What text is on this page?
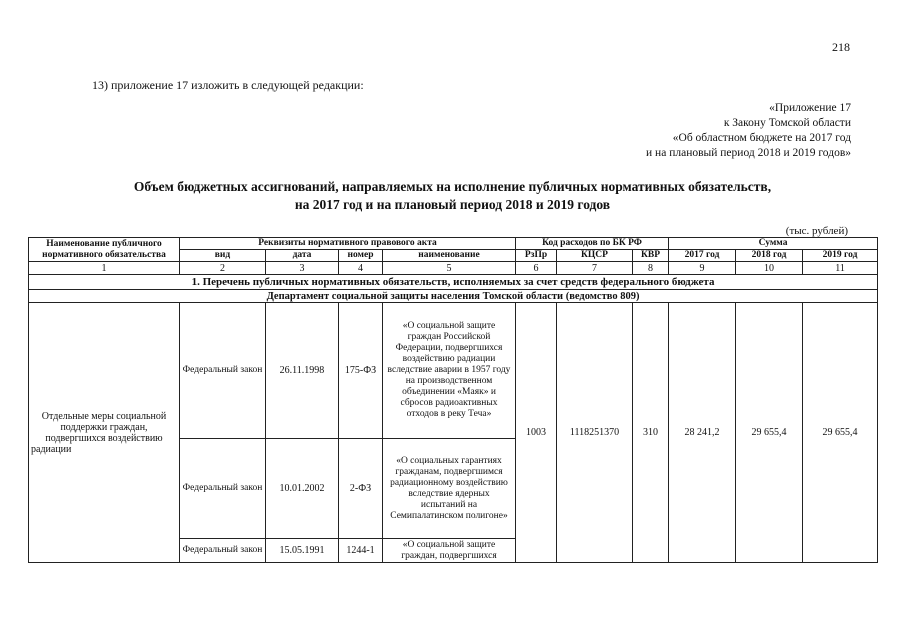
218
13) приложение 17 изложить в следующей редакции:
«Приложение 17
к Закону Томской области
«Об областном бюджете на 2017 год
и на плановый период 2018 и 2019 годов»
Объем бюджетных ассигнований, направляемых на исполнение публичных нормативных обязательств,
на 2017 год и на плановый период 2018 и 2019 годов
(тыс. рублей)
Наименование публичного нормативного обязательства	Реквизиты нормативного правового акта				Код расходов по БК РФ			Сумма		
	вид	дата	номер	наименование	РзПр	КЦСР	КВР	2017 год	2018 год	2019 год
1	2	3	4	5	6	7	8	9	10	11
1. Перечень публичных нормативных обязательств, исполняемых за счет средств федерального бюджета										
Департамент социальной защиты населения Томской области (ведомство 809)										
Отдельные меры социальной поддержки граждан, подвергшихся воздействию радиации	Федеральный закон	26.11.1998	175-ФЗ	«О социальной защите граждан Российской Федерации, подвергшихся воздействию радиации вследствие аварии в 1957 году на производственном объединении «Маяк» и сбросов радиоактивных отходов в реку Теча»	1003	1118251370	310	28 241,2	29 655,4	29 655,4
	Федеральный закон	10.01.2002	2-ФЗ	«О социальных гарантиях гражданам, подвергшимся радиационному воздействию вследствие ядерных испытаний на Семипалатинском полигоне»						
	Федеральный закон	15.05.1991	1244-1	«О социальной защите граждан, подвергшихся						
